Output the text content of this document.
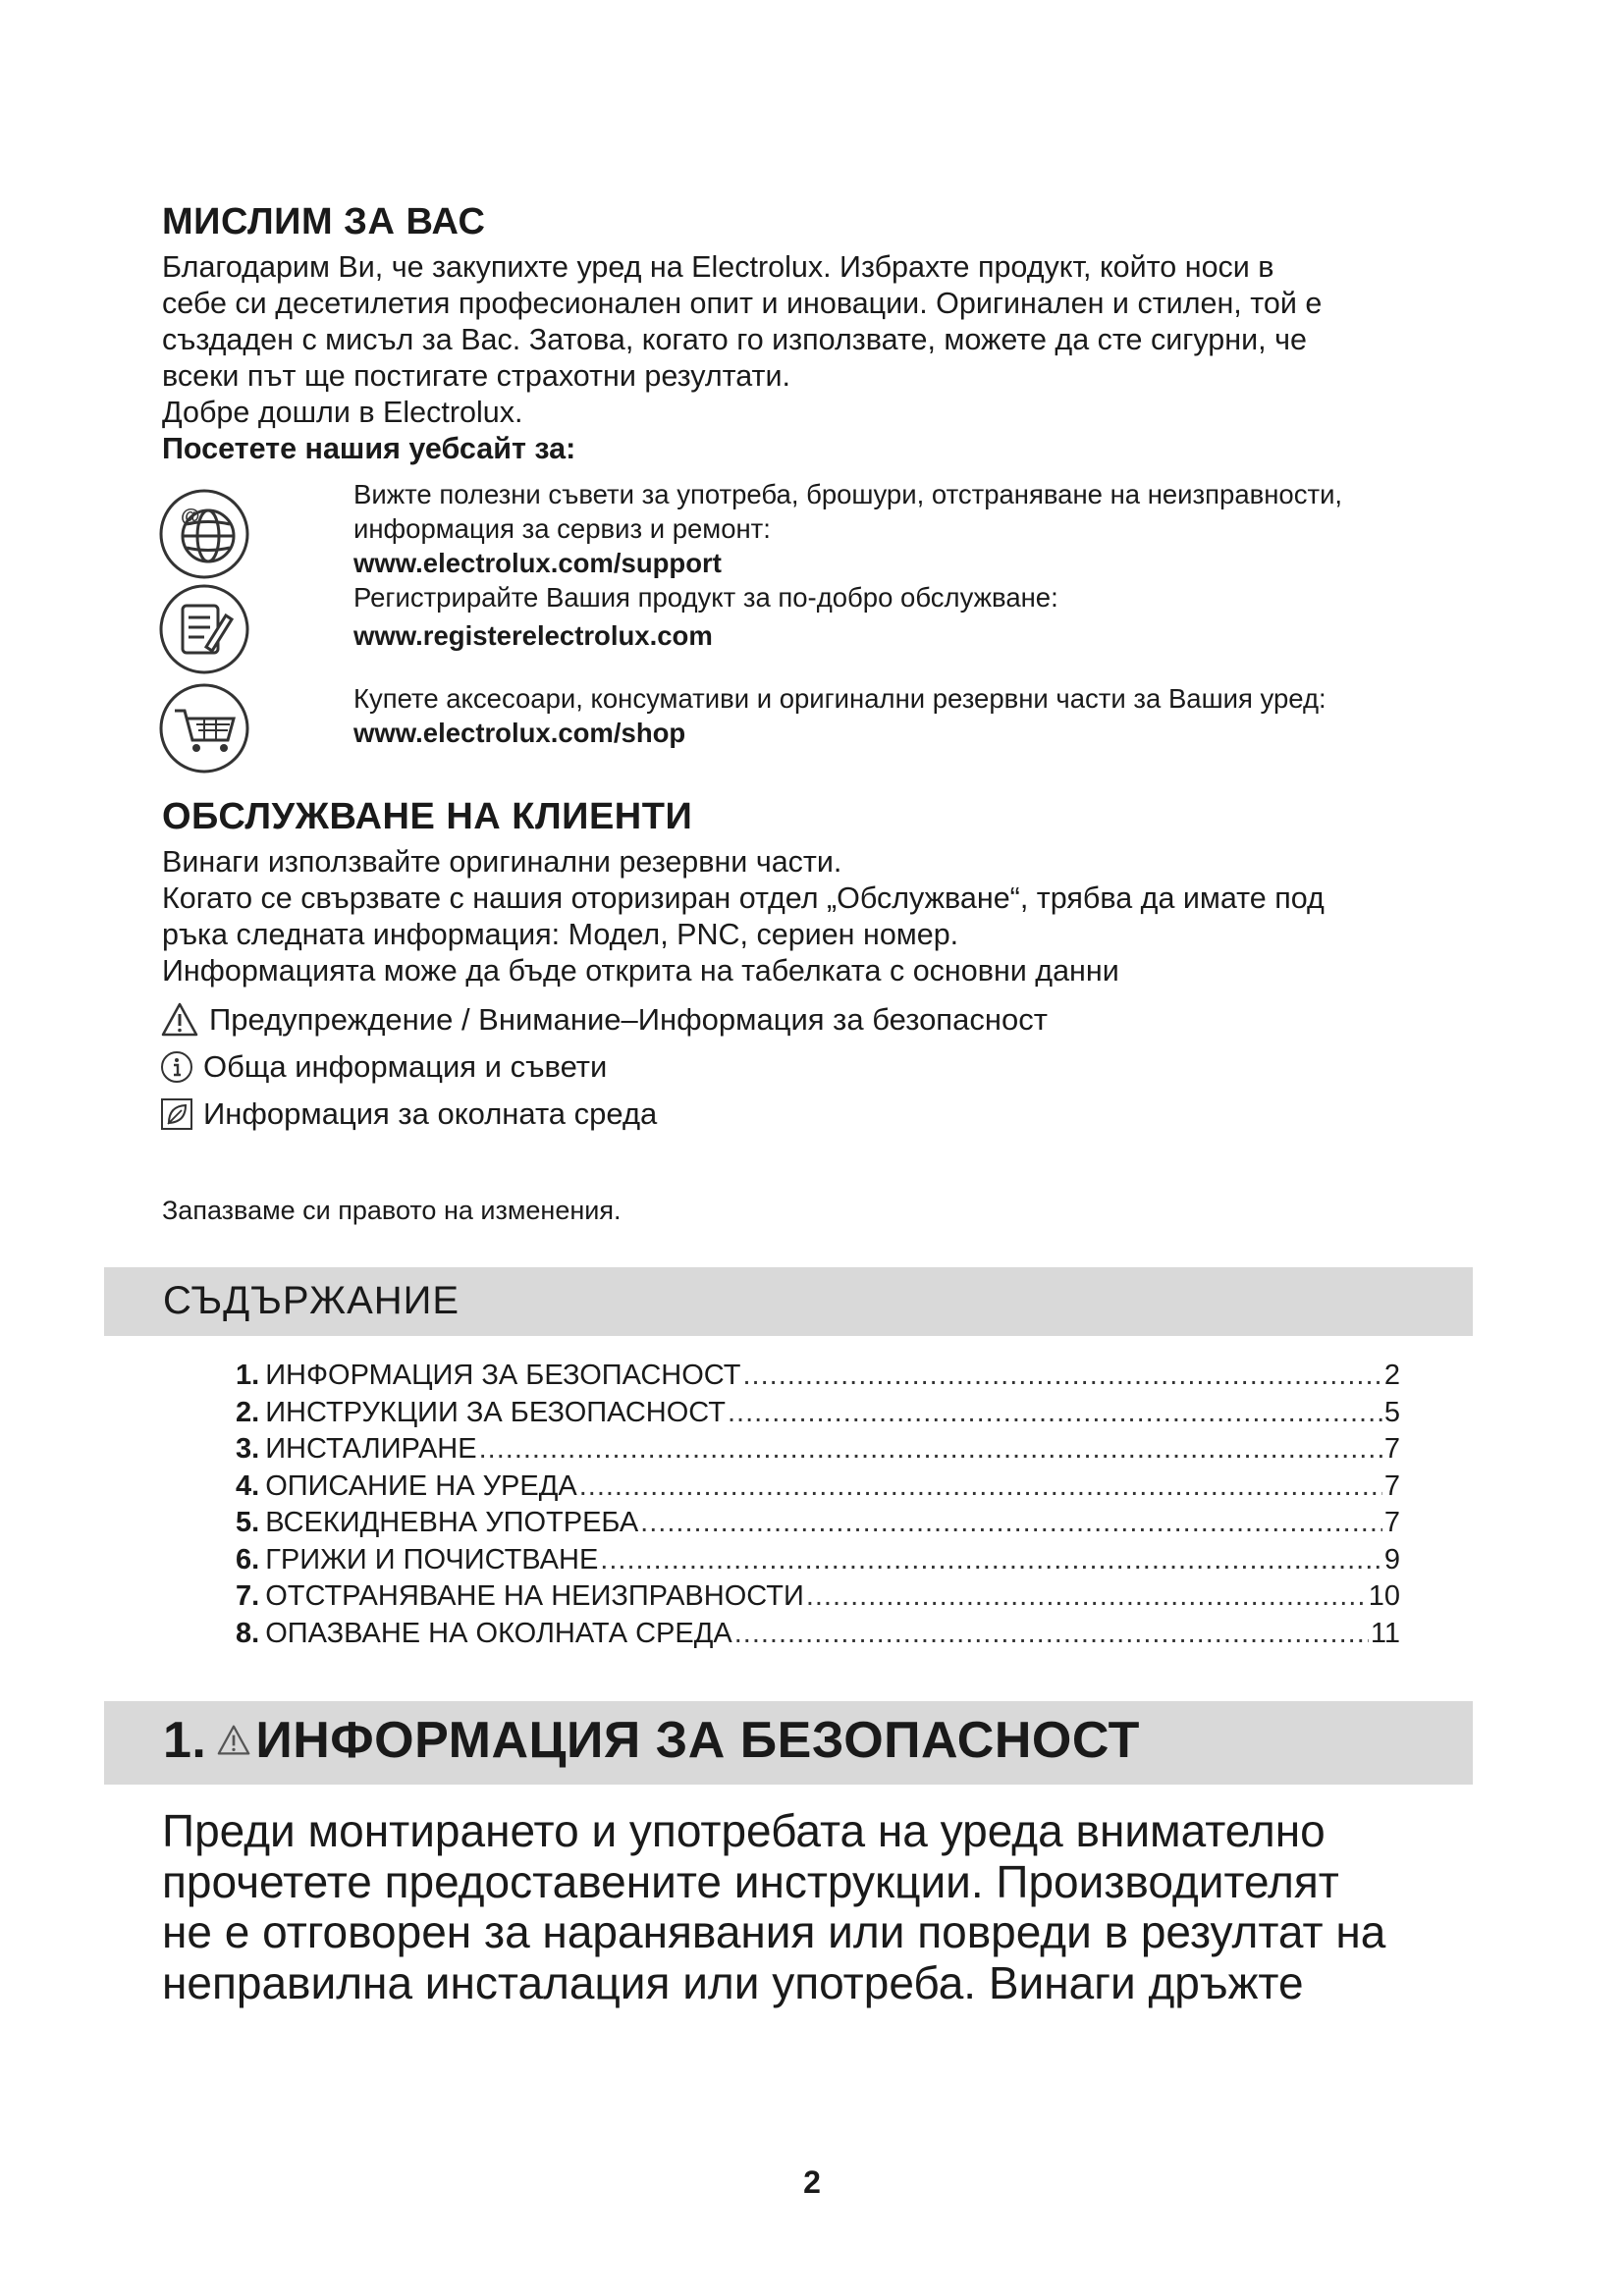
МИСЛИМ ЗА ВАС

Благодарим Ви, че закупихте уред на Electrolux. Избрахте продукт, който носи в

себе си десетилетия професионален опит и иновации. Оригинален и стилен, той е

създаден с мисъл за Вас. Затова, когато го използвате, можете да сте сигурни, че

всеки път ще постигате страхотни резултати.

Добре дошли в Electrolux.

Посетете нашия уебсайт за:

@
Вижте полезни съвети за употреба, брошури, отстраняване на неизправности,
информация за сервиз и ремонт:
www.electrolux.com/support
Регистрирайте Вашия продукт за по-добро обслужване:
www.registerelectrolux.com
Купете аксесоари, консумативи и оригинални резервни части за Вашия уред:
www.electrolux.com/shop
ОБСЛУЖВАНЕ НА КЛИЕНТИ

Винаги използвайте оригинални резервни части.

Когато се свързвате с нашия оторизиран отдел „Обслужване“, трябва да имате под

ръка следната информация: Модел, PNC, сериен номер.

Информацията може да бъде открита на табелката с основни данни

Предупреждение / Внимание–Информация за безопасност
Обща информация и съвети
Информация за околната среда
Запазваме си правото на изменения.
СЪДЪРЖАНИЕ
1. ИНФОРМАЦИЯ ЗА БЕЗОПАСНОСТ .....	2
2. ИНСТРУКЦИИ ЗА БЕЗОПАСНОСТ .....	5
3. ИНСТАЛИРАНЕ .....	7
4. ОПИСАНИЕ НА УРЕДА .....	7
5. ВСЕКИДНЕВНА УПОТРЕБА .....	7
6. ГРИЖИ И ПОЧИСТВАНЕ .....	9
7. ОТСТРАНЯВАНЕ НА НЕИЗПРАВНОСТИ .....	10
8. ОПАЗВАНЕ НА ОКОЛНАТА СРЕДА .....	11
1. ИНФОРМАЦИЯ ЗА БЕЗОПАСНОСТ
Преди монтирането и употребата на уреда внимателно
прочетете предоставените инструкции. Производителят
не е отговорен за наранявания или повреди в резултат на
неправилна инсталация или употреба. Винаги дръжте
2
